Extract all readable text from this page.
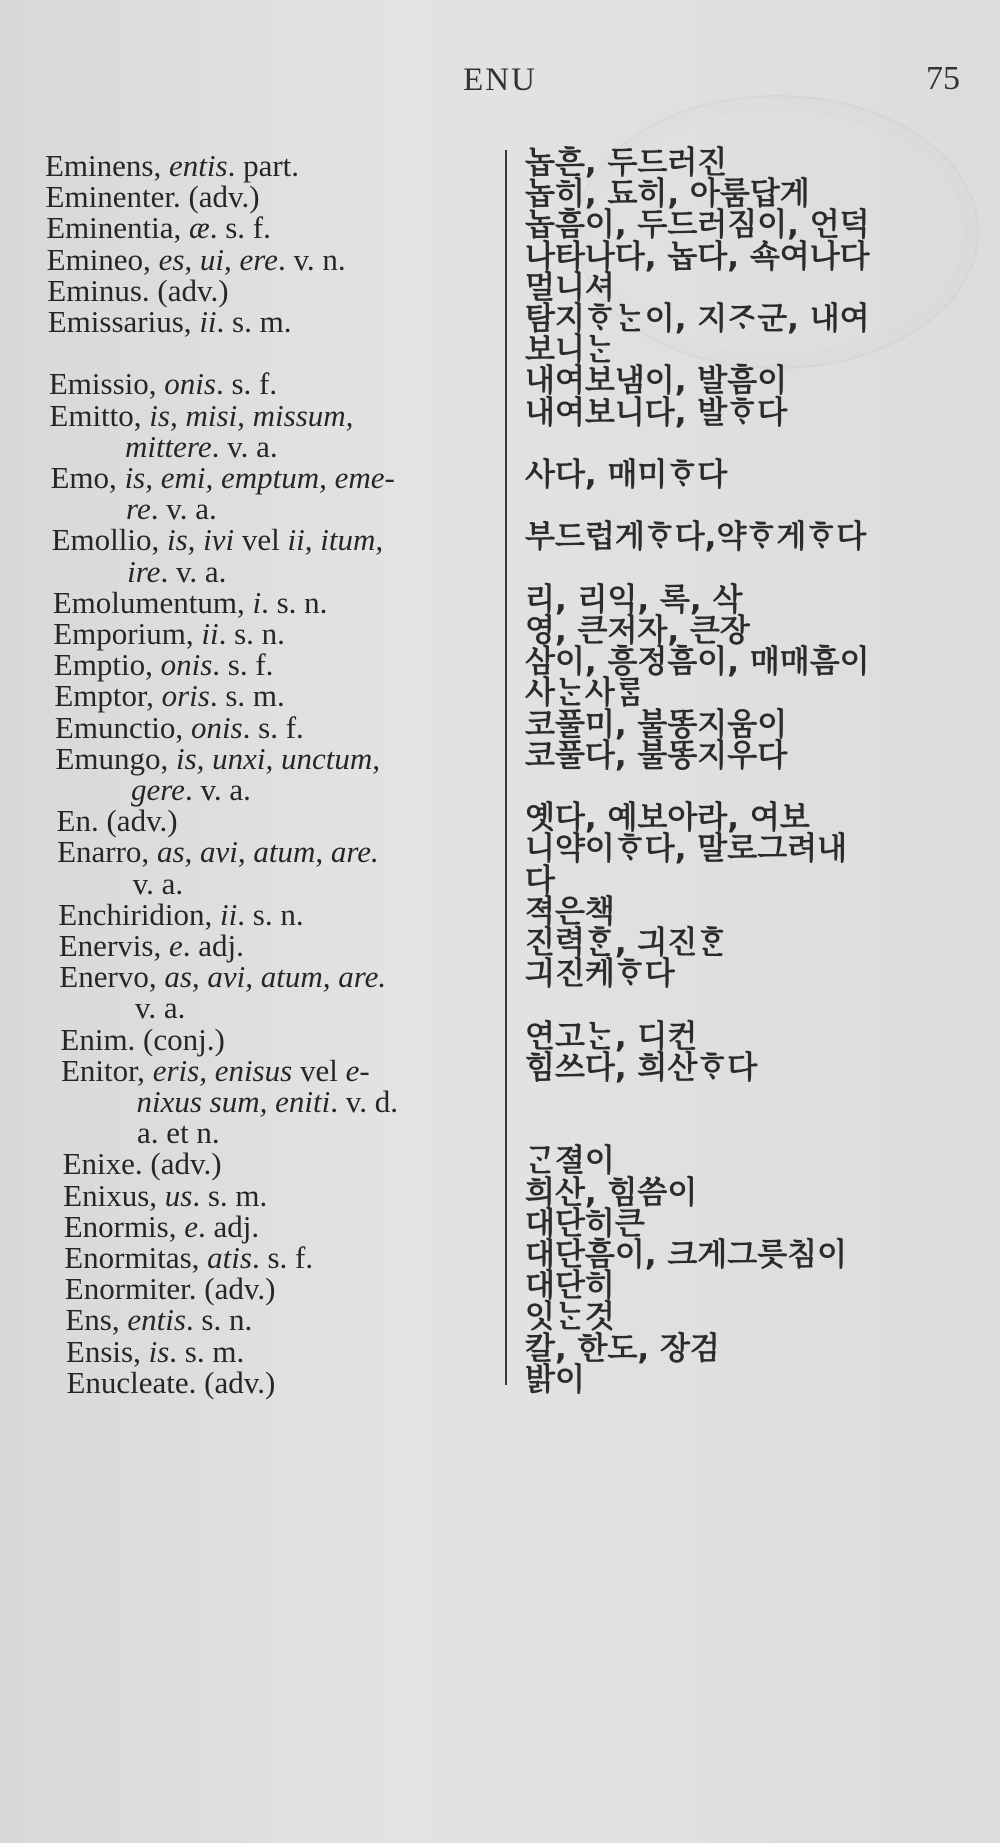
ENU	75
Eminens, entis. part.	놉흔, 두드러진
Eminenter. (adv.)	놉히, 됴히, 아룸답게
Eminentia, æ. s. f.	놉흠이, 두드러짐이, 언덕
Emineo, es, ui, ere. v. n.	나타나다, 놉다, 쇽여나다
Eminus. (adv.)	멀니셔
Emissarius, ii. s. m.	탐지ᄒᆞᄂᆞᆫ이, 지ᄌᆞ군, 내여
보니ᄂᆞᆫ
Emissio, onis. s. f.	내여보냄이, 발흠이
Emitto, is, misi, missum,	내여보니다, 발ᄒᆞ다
mittere. v. a.
Emo, is, emi, emptum, eme-	사다, 매미ᄒᆞ다
re. v. a.
Emollio, is, ivi vel ii, itum,	부드럽게ᄒᆞ다,약ᄒᆞ게ᄒᆞ다
ire. v. a.
Emolumentum, i. s. n.	리, 리익, 록, 삭
Emporium, ii. s. n.	영, 큰저자, 큰장
Emptio, onis. s. f.	삼이, 흥정흠이, 매매흠이
Emptor, oris. s. m.	사ᄂᆞᆫ사ᄅᆞᆷ
Emunctio, onis. s. f.	코풀미, 불똥지움이
Emungo, is, unxi, unctum,	코풀다, 불똥지우다
gere. v. a.
En. (adv.)	옛다, 예보아라, 여보
Enarro, as, avi, atum, are.	니약이ᄒᆞ다, 말로그려내
v. a.	다
Enchiridion, ii. s. n.	젹은책
Enervis, e. adj.	진력ᄒᆞᆫ, 긔진ᄒᆞᆫ
Enervo, as, avi, atum, are.	긔진케ᄒᆞ다
v. a.
Enim. (conj.)	연고ᄂᆞᆫ, 디컨
Enitor, eris, enisus vel e-	힘쓰다, 희산ᄒᆞ다
nixus sum, eniti. v. d.
a. et n.
Enixe. (adv.)	ᄀᆞᆫ졀이
Enixus, us. s. m.	희산, 힘씀이
Enormis, e. adj.	대단히큰
Enormitas, atis. s. f.	대단흠이, 크게그릇침이
Enormiter. (adv.)	대단히
Ens, entis. s. n.	잇ᄂᆞᆫ것
Ensis, is. s. m.	칼, 한도, 장검
Enucleate. (adv.)	밝이
